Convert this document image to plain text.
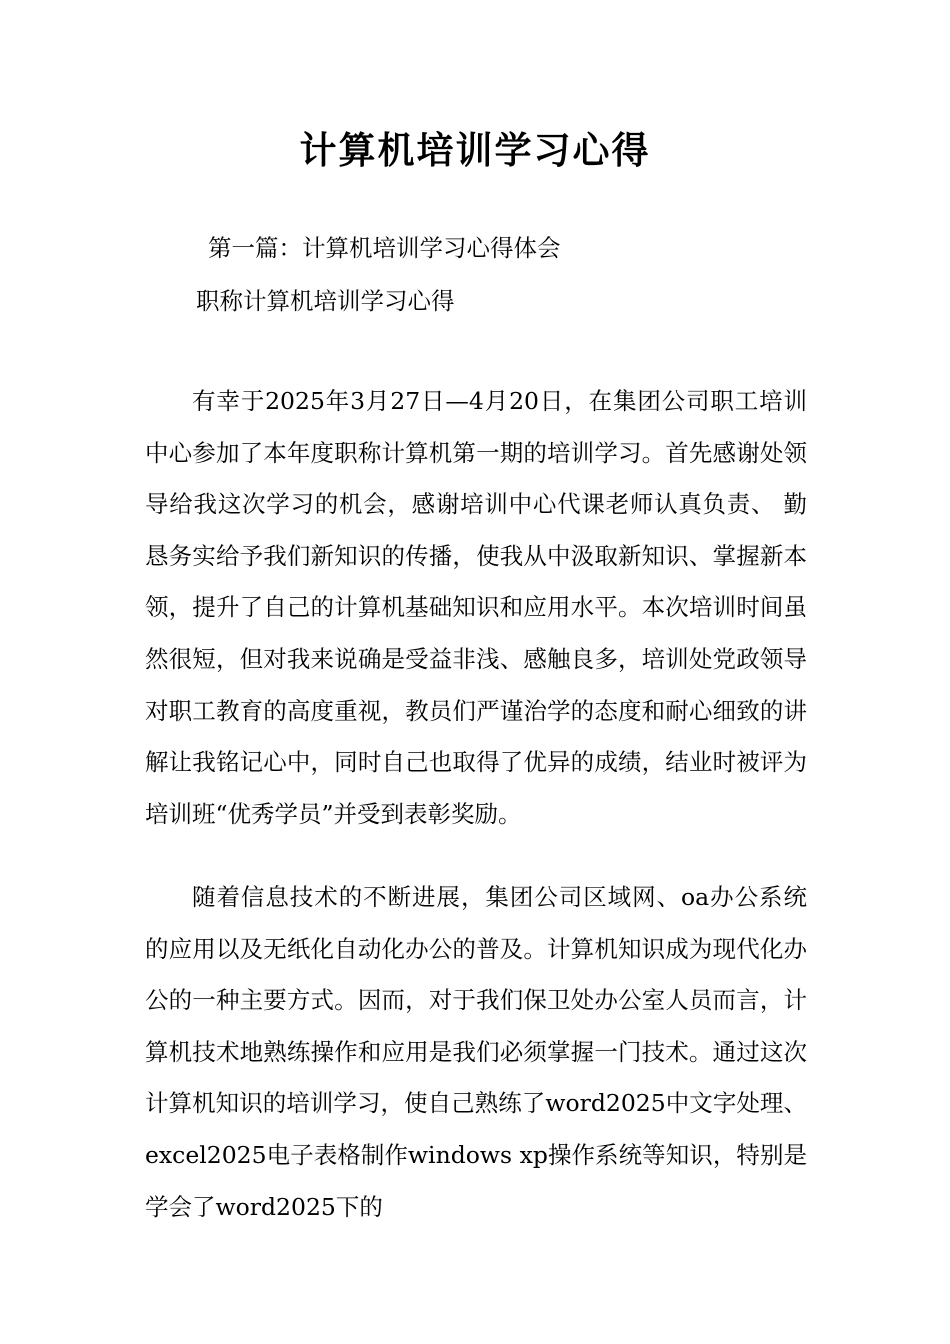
计算机培训学习心得
第一篇：计算机培训学习心得体会
职称计算机培训学习心得
有幸于2025年3月27日—4月20日，在集团公司职工培训中心参加了本年度职称计算机第一期的培训学习。首先感谢处领导给我这次学习的机会，感谢培训中心代课老师认真负责、 勤恳务实给予我们新知识的传播，使我从中汲取新知识、掌握新本领，提升了自己的计算机基础知识和应用水平。本次培训时间虽然很短，但对我来说确是受益非浅、感触良多，培训处党政领导对职工教育的高度重视，教员们严谨治学的态度和耐心细致的讲解让我铭记心中，同时自己也取得了优异的成绩，结业时被评为培训班“优秀学员”并受到表彰奖励。
随着信息技术的不断进展，集团公司区域网、oa办公系统的应用以及无纸化自动化办公的普及。计算机知识成为现代化办公的一种主要方式。因而，对于我们保卫处办公室人员而言，计算机技术地熟练操作和应用是我们必须掌握一门技术。通过这次计算机知识的培训学习，使自己熟练了word2025中文字处理、excel2025电子表格制作windows xp操作系统等知识，特别是学会了word2025下的
